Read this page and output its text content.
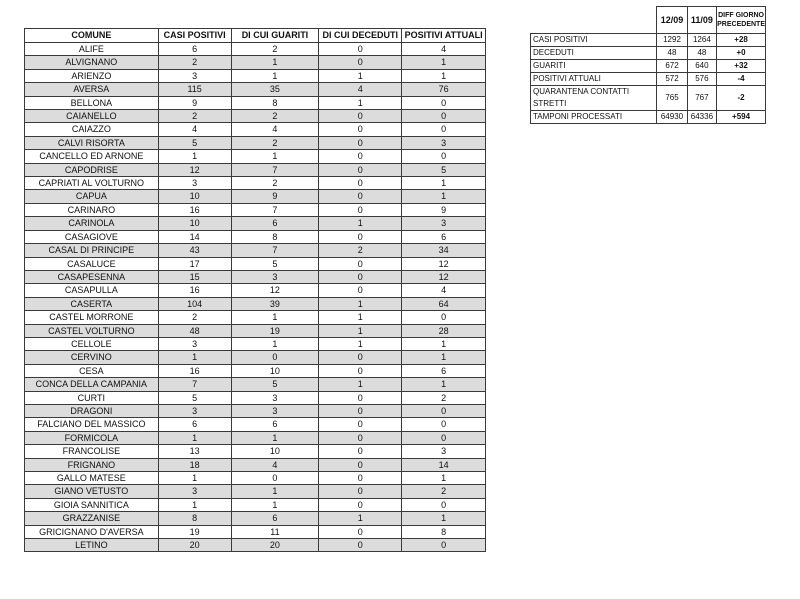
COMUNE	CASI POSITIVI	DI CUI GUARITI	DI CUI DECEDUTI	POSITIVI ATTUALI
ALIFE	6	2	0	4
ALVIGNANO	2	1	0	1
ARIENZO	3	1	1	1
AVERSA	115	35	4	76
BELLONA	9	8	1	0
CAIANELLO	2	2	0	0
CAIAZZO	4	4	0	0
CALVI RISORTA	5	2	0	3
CANCELLO ED ARNONE	1	1	0	0
CAPODRISE	12	7	0	5
CAPRIATI AL VOLTURNO	3	2	0	1
CAPUA	10	9	0	1
CARINARO	16	7	0	9
CARINOLA	10	6	1	3
CASAGIOVE	14	8	0	6
CASAL DI PRINCIPE	43	7	2	34
CASALUCE	17	5	0	12
CASAPESENNA	15	3	0	12
CASAPULLA	16	12	0	4
CASERTA	104	39	1	64
CASTEL MORRONE	2	1	1	0
CASTEL VOLTURNO	48	19	1	28
CELLOLE	3	1	1	1
CERVINO	1	0	0	1
CESA	16	10	0	6
CONCA DELLA CAMPANIA	7	5	1	1
CURTI	5	3	0	2
DRAGONI	3	3	0	0
FALCIANO DEL MASSICO	6	6	0	0
FORMICOLA	1	1	0	0
FRANCOLISE	13	10	0	3
FRIGNANO	18	4	0	14
GALLO MATESE	1	0	0	1
GIANO VETUSTO	3	1	0	2
GIOIA SANNITICA	1	1	0	0
GRAZZANISE	8	6	1	1
GRICIGNANO D'AVERSA	19	11	0	8
LETINO	20	20	0	0
	12/09	11/09	DIFF GIORNO PRECEDENTE
CASI POSITIVI	1292	1264	+28
DECEDUTI	48	48	+0
GUARITI	672	640	+32
POSITIVI ATTUALI	572	576	-4
QUARANTENA CONTATTI STRETTI	765	767	-2
TAMPONI PROCESSATI	64930	64336	+594
